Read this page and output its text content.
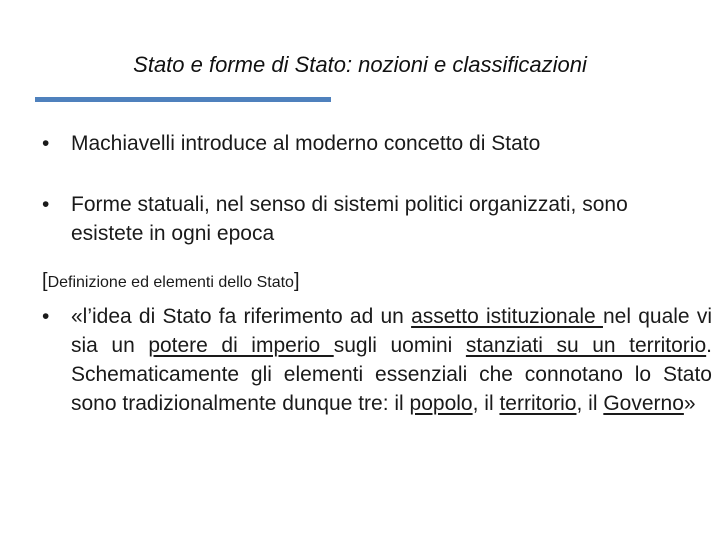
Stato e forme di Stato: nozioni e classificazioni
• Machiavelli introduce al moderno concetto di Stato
• Forme statuali, nel senso di sistemi politici organizzati, sono esistete in ogni epoca
[Definizione ed elementi dello Stato]
• «l’idea di Stato fa riferimento ad un assetto istituzionale nel quale vi sia un potere di imperio sugli uomini stanziati su un territorio. Schematicamente gli elementi essenziali che connotano lo Stato sono tradizionalmente dunque tre: il popolo, il territorio, il Governo»
